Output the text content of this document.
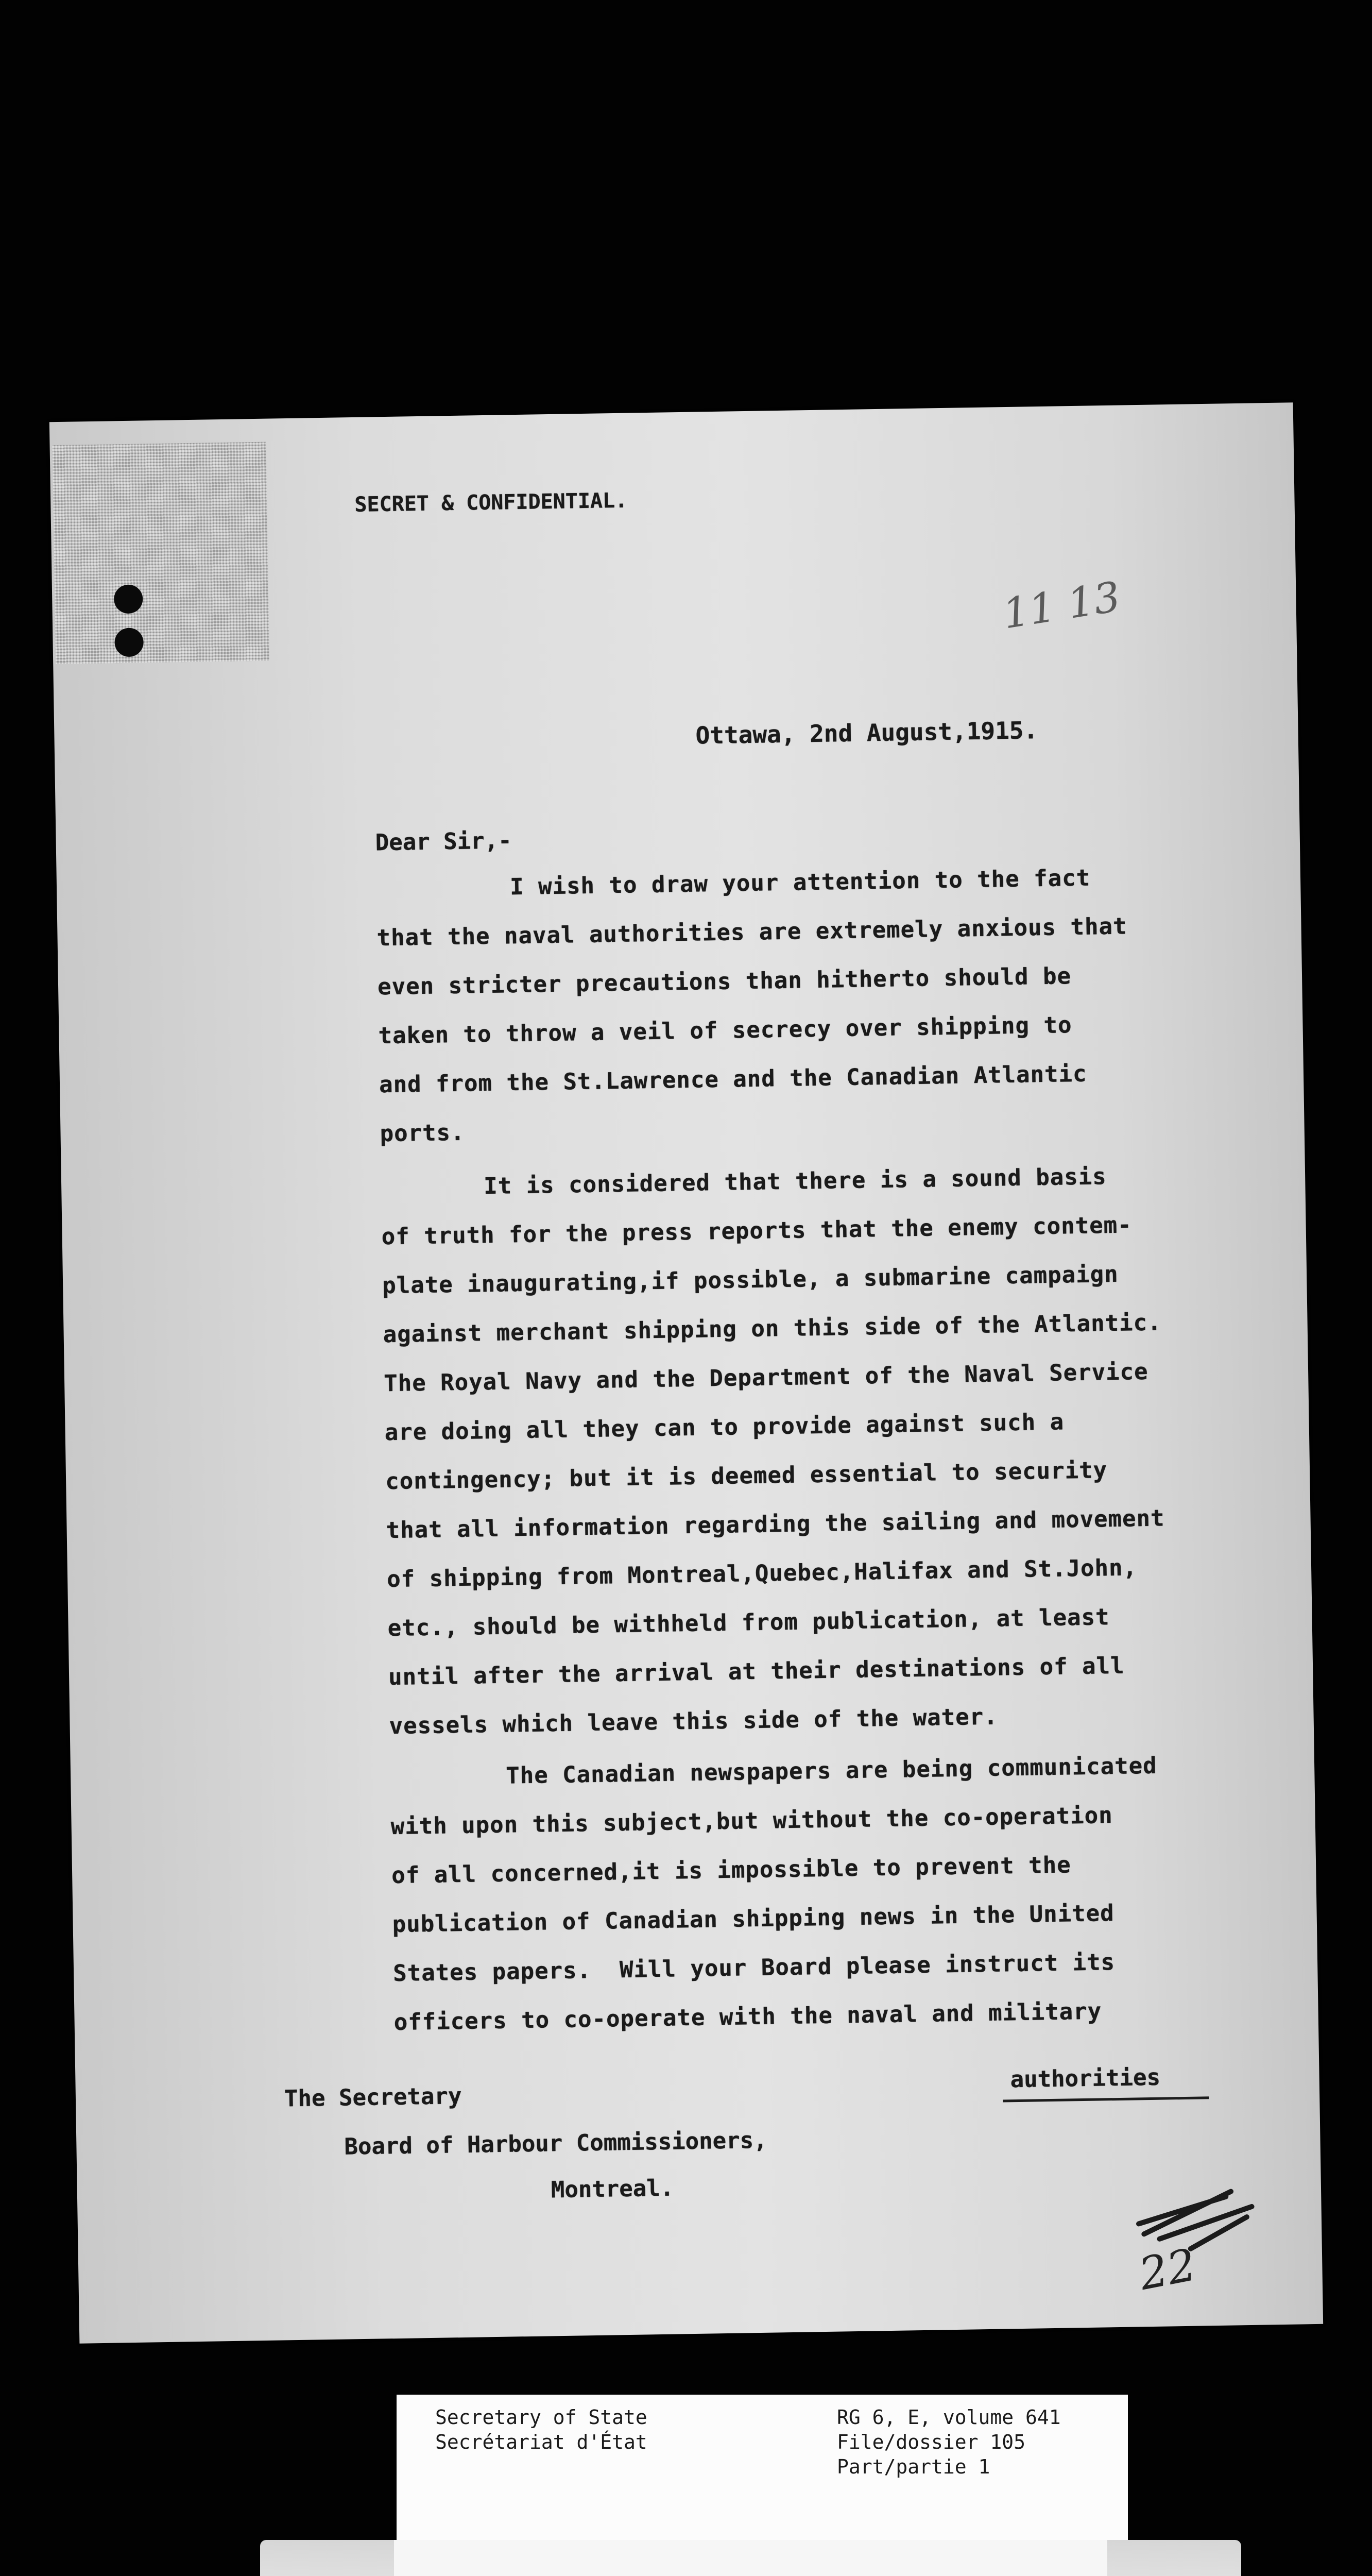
SECRET & CONFIDENTIAL.
11 13
Ottawa, 2nd August,1915.
Dear Sir,-
I wish to draw your attention to the fact
that the naval authorities are extremely anxious that
even stricter precautions than hitherto should be
taken to throw a veil of secrecy over shipping to
and from the St.Lawrence and the Canadian Atlantic
ports.
It is considered that there is a sound basis
of truth for the press reports that the enemy contem-
plate inaugurating,if possible, a submarine campaign
against merchant shipping on this side of the Atlantic.
The Royal Navy and the Department of the Naval Service
are doing all they can to provide against such a
contingency; but it is deemed essential to security
that all information regarding the sailing and movement
of shipping from Montreal,Quebec,Halifax and St.John,
etc., should be withheld from publication, at least
until after the arrival at their destinations of all
vessels which leave this side of the water.
The Canadian newspapers are being communicated
with upon this subject,but without the co-operation
of all concerned,it is impossible to prevent the
publication of Canadian shipping news in the United
States papers.  Will your Board please instruct its
officers to co-operate with the naval and military
authorities
The Secretary
Board of Harbour Commissioners,
Montreal.
22
Secretary of State
Secrétariat d'État
RG 6, E, volume 641
File/dossier 105
Part/partie 1
